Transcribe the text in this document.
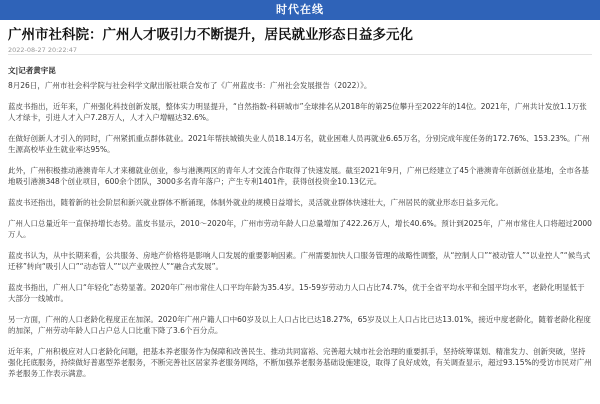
时代在线
广州市社科院：广州人才吸引力不断提升，居民就业形态日益多元化
2022-08-27 20:22:47
文|记者黄宇昆

8月26日，广州市社会科学院与社会科学文献出版社联合发布了《广州蓝皮书：广州社会发展报告（2022）》。

蓝皮书指出，近年来，广州强化科技创新发展，整体实力明显提升，“自然指数-科研城市”全球排名从2018年的第25位攀升至2022年的14位。2021年，广州共计发放1.1万张人才绿卡，引进人才入户7.28万人，人才入户增幅达32.6%。

在做好创新人才引入的同时，广州紧抓重点群体就业。2021年帮扶城镇失业人员18.14万名，就业困难人员再就业6.65万名，分别完成年度任务的172.76%、153.23%。广州生源高校毕业生就业率达95%。

此外，广州积极推动港澳青年人才来穗就业创业，参与港澳两区的青年人才交流合作取得了快速发展。截至2021年9月，广州已经建立了45个港澳青年创新创业基地，全市各基地吸引港澳348个创业项目，600余个团队，3000多名青年落户；产生专利1401件，获得创投资金10.13亿元。

蓝皮书还指出，随着新的社会阶层和新兴就业群体不断涌现，体制外就业的规模日益增长，灵活就业群体快速壮大，广州居民的就业形态日益多元化。

广州人口总量近年一直保持增长态势。蓝皮书显示，2010～2020年，广州市劳动年龄人口总量增加了422.26万人，增长40.6%。预计到2025年，广州市常住人口将超过2000万人。

蓝皮书认为，从中长期来看，公共服务、房地产价格将是影响人口发展的重要影响因素。广州需要加快人口服务管理的战略性调整，从“控制人口”“被动管人”“以业控人”“候鸟式迁移”转向“吸引人口”“动态管人”“以产业吸控人”“融合式发展”。

蓝皮书指出，广州人口“年轻化”态势显著。2020年广州市常住人口平均年龄为35.4岁。15-59岁劳动力人口占比74.7%，优于全省平均水平和全国平均水平，老龄化明显低于大部分一线城市。

另一方面，广州的人口老龄化程度正在加深。2020年广州户籍人口中60岁及以上人口占比已达18.27%，65岁及以上人口占比已达13.01%，接近中度老龄化，随着老龄化程度的加深，广州劳动年龄人口占户总人口比重下降了3.6个百分点。

近年来，广州积极应对人口老龄化问题，把基本养老服务作为保障和改善民生、推动共同富裕、完善超大城市社会治理的重要抓手，坚持统筹谋划、精准发力、创新突破，坚持强化托底服务，持续做好普惠型养老服务，不断完善社区居家养老服务网络，不断加强养老服务基础设施建设，取得了良好成效，有关调查显示，超过93.15%的受访市民对广州养老服务工作表示满意。
